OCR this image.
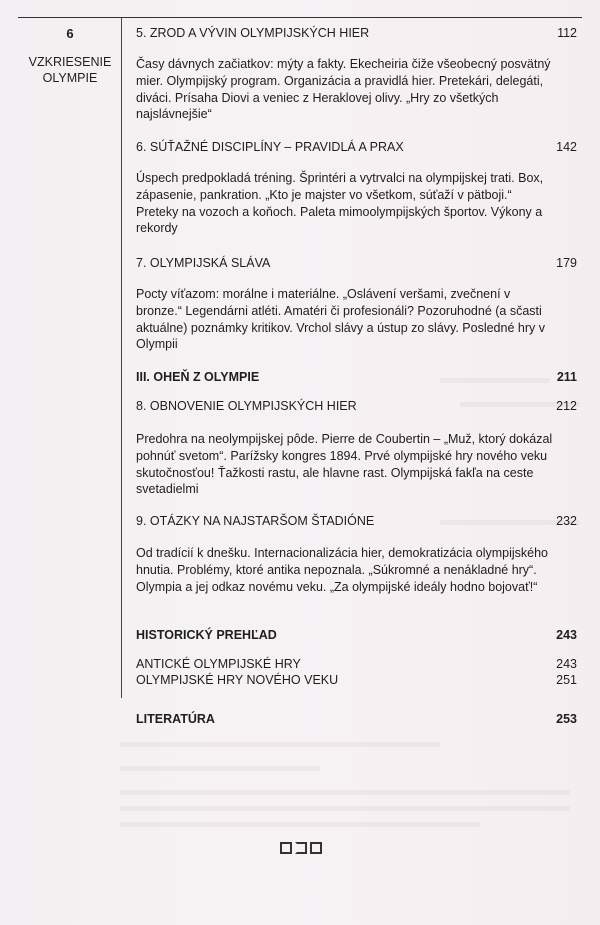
6
VZKRIESENIE OLYMPIE
5. ZROD A VÝVIN OLYMPIJSKÝCH HIER	112
Časy dávnych začiatkov: mýty a fakty. Ekecheiria čiže všeobecný posvätný mier. Olympijský program. Organizácia a pravidlá hier. Pretekári, delegáti, diváci. Prísaha Diovi a veniec z Heraklovej olivy. „Hry zo všetkých najslávnejšie“
6. SÚŤAŽNÉ DISCIPLÍNY – PRAVIDLÁ A PRAX	142
Úspech predpokladá tréning. Šprintéri a vytrvalci na olympijskej trati. Box, zápasenie, pankration. „Kto je majster vo všetkom, súťaží v pätboji.“ Preteky na vozoch a koňoch. Paleta mimoolympijských športov. Výkony a rekordy
7. OLYMPIJSKÁ SLÁVA	179
Pocty víťazom: morálne i materiálne. „Oslávení veršami, zvečnení v bronze.“ Legendárni atléti. Amatéri či profesionáli? Pozoruhodné (a sčasti aktuálne) poznámky kritikov. Vrchol slávy a ústup zo slávy. Posledné hry v Olympii
III. OHEŇ Z OLYMPIE	211
8. OBNOVENIE OLYMPIJSKÝCH HIER	212
Predohra na neolympijskej pôde. Pierre de Coubertin – „Muž, ktorý dokázal pohnúť svetom“. Parížsky kongres 1894. Prvé olympijské hry nového veku skutočnosťou! Ťažkosti rastu, ale hlavne rast. Olympijská fakľa na ceste svetadielmi
9. OTÁZKY NA NAJSTARŠOM ŠTADIÓNE	232
Od tradícií k dnešku. Internacionalizácia hier, demokratizácia olympijského hnutia. Problémy, ktoré antika nepoznala. „Súkromné a nenákladné hry“. Olympia a jej odkaz novému veku. „Za olympijské ideály hodno bojovať!“
HISTORICKÝ PREHĽAD	243
ANTICKÉ OLYMPIJSKÉ HRY	243
OLYMPIJSKÉ HRY NOVÉHO VEKU	251
LITERATÚRA	253
